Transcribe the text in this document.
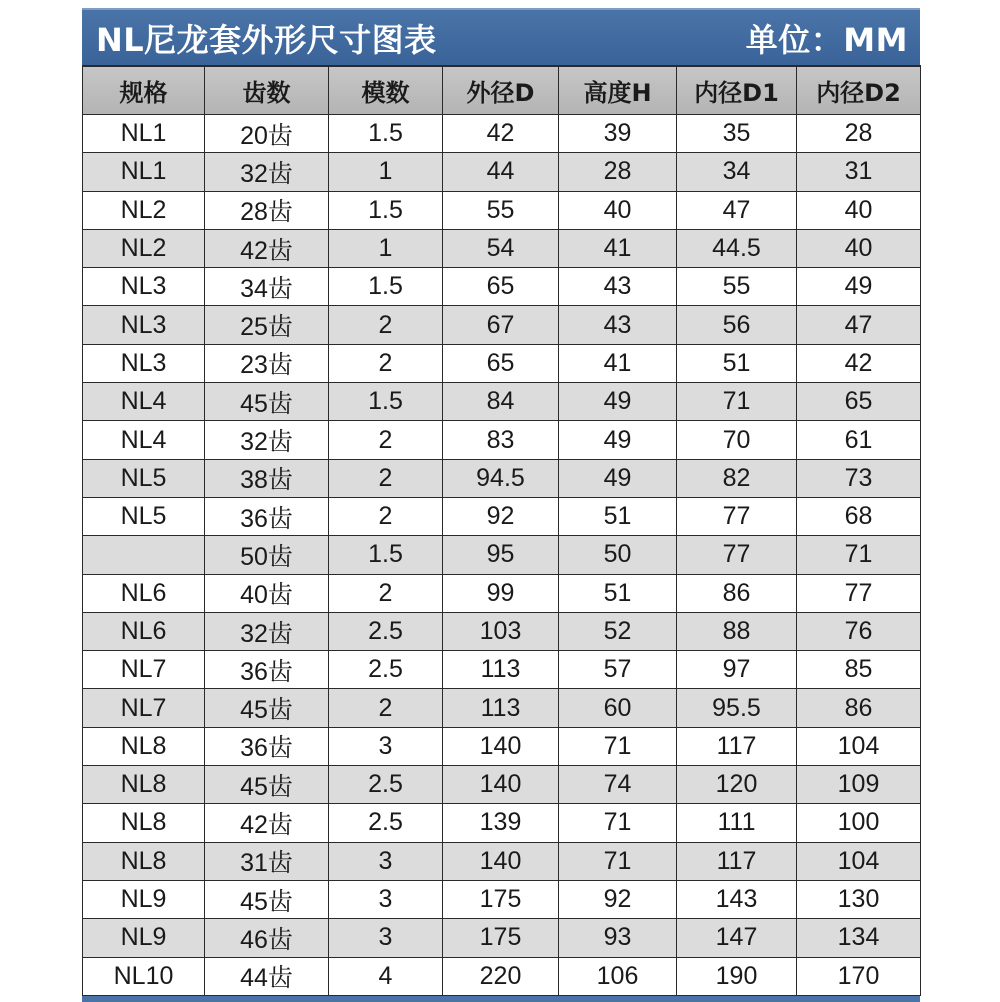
NL尼龙套外形尺寸图表	单位：MM
规格	齿数	模数	外径D	高度H	内径D1	内径D2
NL1	20齿	1.5	42	39	35	28
NL1	32齿	1	44	28	34	31
NL2	28齿	1.5	55	40	47	40
NL2	42齿	1	54	41	44.5	40
NL3	34齿	1.5	65	43	55	49
NL3	25齿	2	67	43	56	47
NL3	23齿	2	65	41	51	42
NL4	45齿	1.5	84	49	71	65
NL4	32齿	2	83	49	70	61
NL5	38齿	2	94.5	49	82	73
NL5	36齿	2	92	51	77	68
	50齿	1.5	95	50	77	71
NL6	40齿	2	99	51	86	77
NL6	32齿	2.5	103	52	88	76
NL7	36齿	2.5	113	57	97	85
NL7	45齿	2	113	60	95.5	86
NL8	36齿	3	140	71	117	104
NL8	45齿	2.5	140	74	120	109
NL8	42齿	2.5	139	71	111	100
NL8	31齿	3	140	71	117	104
NL9	45齿	3	175	92	143	130
NL9	46齿	3	175	93	147	134
NL10	44齿	4	220	106	190	170
